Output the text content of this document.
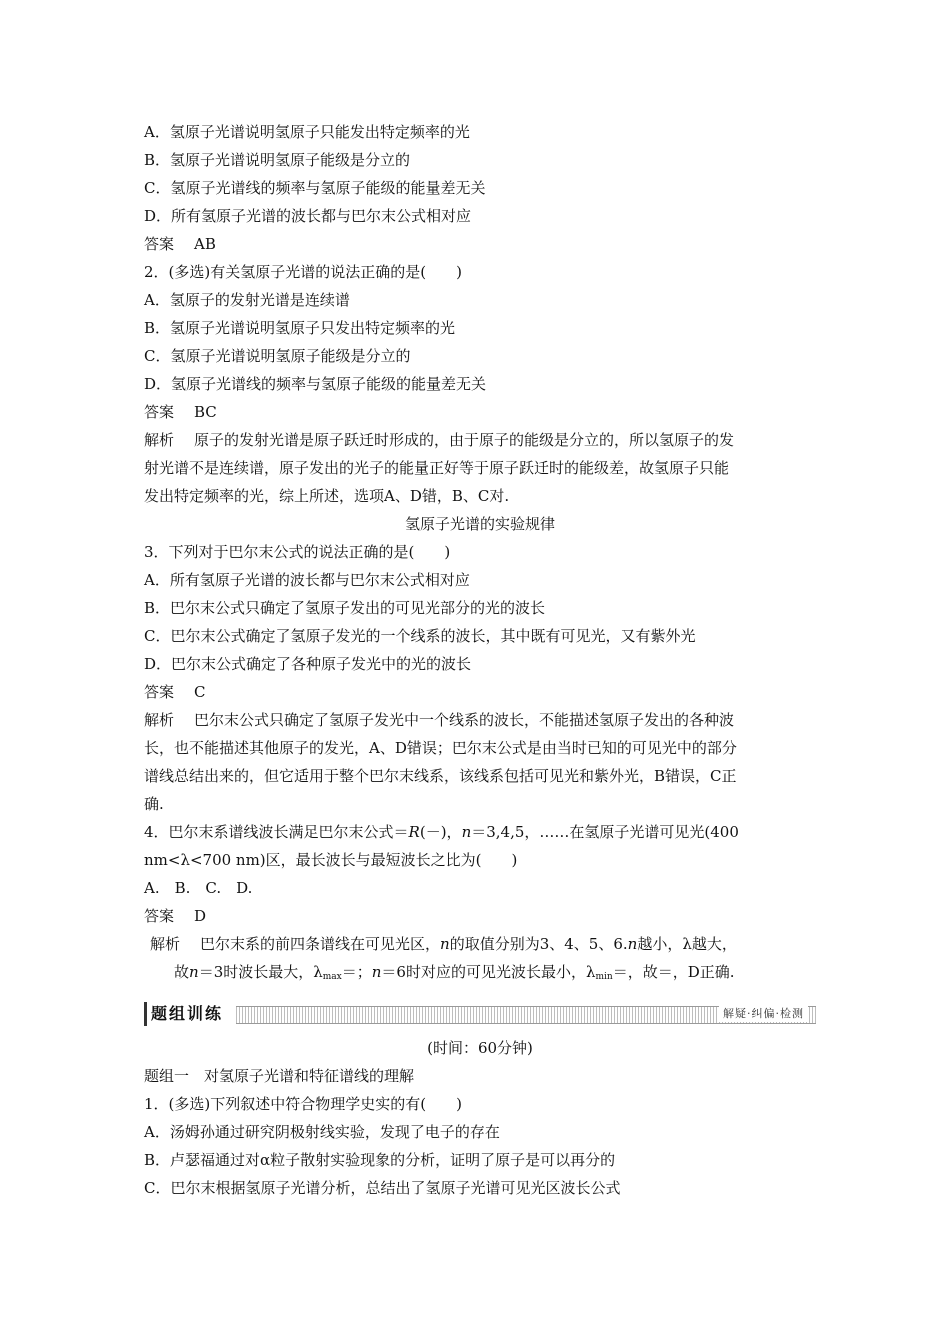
A．氢原子光谱说明氢原子只能发出特定频率的光
B．氢原子光谱说明氢原子能级是分立的
C．氢原子光谱线的频率与氢原子能级的能量差无关
D．所有氢原子光谱的波长都与巴尔末公式相对应
答案 AB
2．(多选)有关氢原子光谱的说法正确的是(　　)
A．氢原子的发射光谱是连续谱
B．氢原子光谱说明氢原子只发出特定频率的光
C．氢原子光谱说明氢原子能级是分立的
D．氢原子光谱线的频率与氢原子能级的能量差无关
答案 BC
解析 原子的发射光谱是原子跃迁时形成的，由于原子的能级是分立的，所以氢原子的发
射光谱不是连续谱，原子发出的光子的能量正好等于原子跃迁时的能级差，故氢原子只能
发出特定频率的光，综上所述，选项A、D错，B、C对.
氢原子光谱的实验规律
3．下列对于巴尔末公式的说法正确的是(　　)
A．所有氢原子光谱的波长都与巴尔末公式相对应
B．巴尔末公式只确定了氢原子发出的可见光部分的光的波长
C．巴尔末公式确定了氢原子发光的一个线系的波长，其中既有可见光，又有紫外光
D．巴尔末公式确定了各种原子发光中的光的波长
答案 C
解析 巴尔末公式只确定了氢原子发光中一个线系的波长，不能描述氢原子发出的各种波
长，也不能描述其他原子的发光，A、D错误；巴尔末公式是由当时已知的可见光中的部分
谱线总结出来的，但它适用于整个巴尔末线系，该线系包括可见光和紫外光，B错误，C正
确.
4．巴尔末系谱线波长满足巴尔末公式＝R(－)，n＝3,4,5，……在氢原子光谱可见光(400
nm<λ<700 nm)区，最长波长与最短波长之比为(　　)
A.　B.　C.　D.
答案 D
解析 巴尔末系的前四条谱线在可见光区，n的取值分别为3、4、5、6.n越小，λ越大，
故n＝3时波长最大，$\lambda_{max}=$；n＝6时对应的可见光波长最小，$\lambda_{min}=$，故＝，D正确.
题组训练	解疑·纠偏·检测
(时间：60分钟)
题组一　对氢原子光谱和特征谱线的理解
1．(多选)下列叙述中符合物理学史实的有(　　)
A．汤姆孙通过研究阴极射线实验，发现了电子的存在
B．卢瑟福通过对α粒子散射实验现象的分析，证明了原子是可以再分的
C．巴尔末根据氢原子光谱分析，总结出了氢原子光谱可见光区波长公式
